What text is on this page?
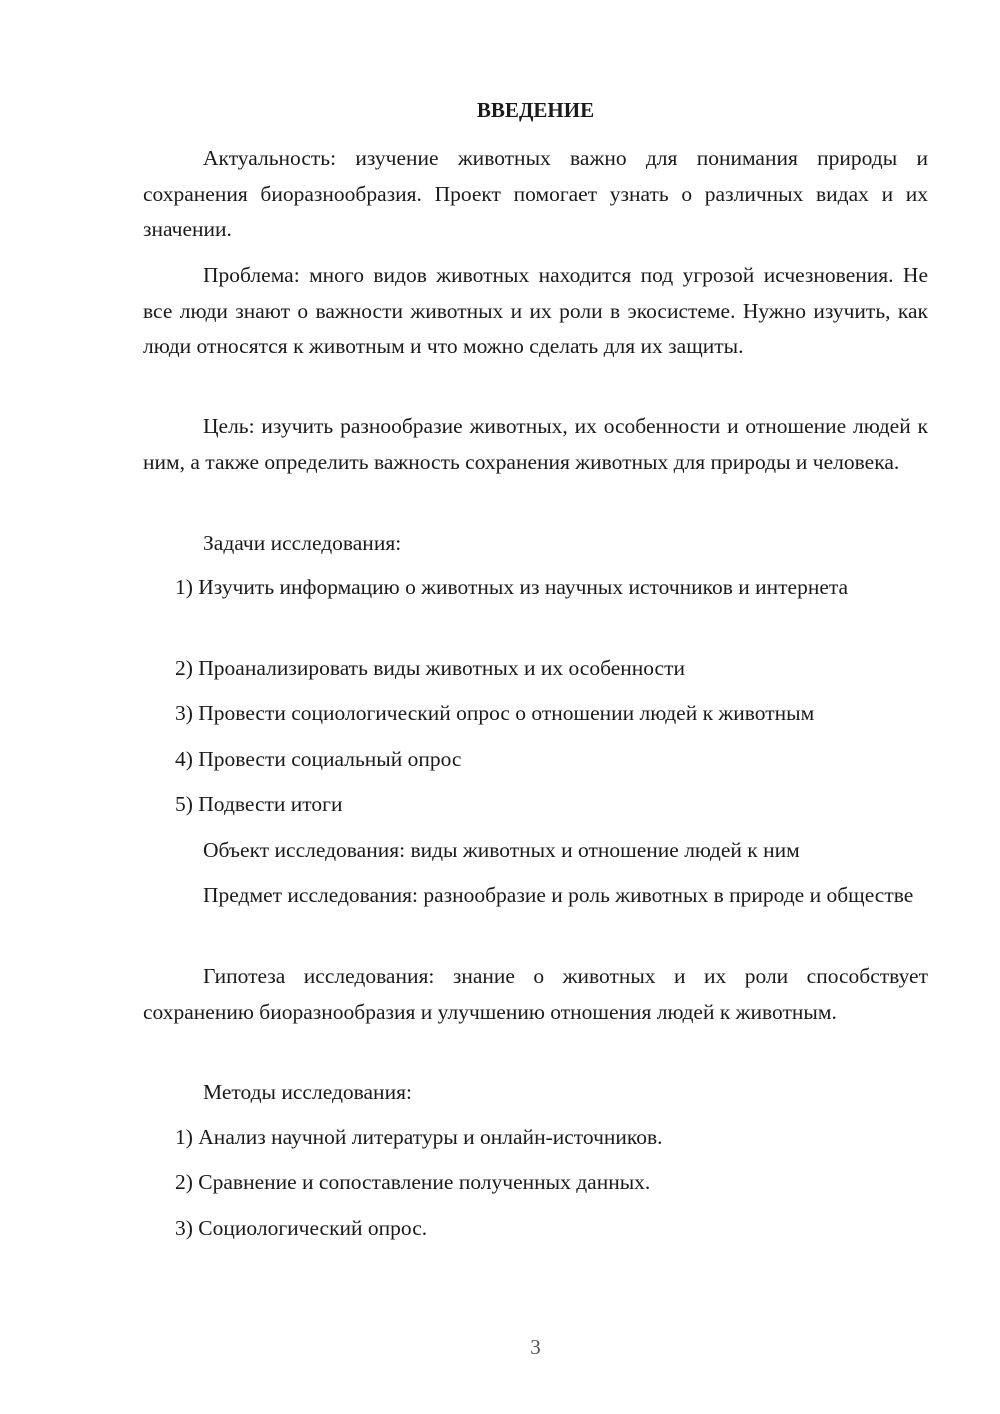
ВВЕДЕНИЕ

Актуальность: изучение животных важно для понимания природы и сохранения биоразнообразия. Проект помогает узнать о различных видах и их значении.

Проблема: много видов животных находится под угрозой исчезновения. Не все люди знают о важности животных и их роли в экосистеме. Нужно изучить, как люди относятся к животным и что можно сделать для их защиты.

Цель: изучить разнообразие животных, их особенности и отношение людей к ним, а также определить важность сохранения животных для природы и человека.

Задачи исследования:

1) Изучить информацию о животных из научных источников и интернета

2) Проанализировать виды животных и их особенности

3) Провести социологический опрос о отношении людей к животным

4) Провести социальный опрос

5) Подвести итоги

Объект исследования: виды животных и отношение людей к ним

Предмет исследования: разнообразие и роль животных в природе и обществе

Гипотеза исследования: знание о животных и их роли способствует сохранению биоразнообразия и улучшению отношения людей к животным.

Методы исследования:

1) Анализ научной литературы и онлайн-источников.

2) Сравнение и сопоставление полученных данных.

3) Социологический опрос.

3
